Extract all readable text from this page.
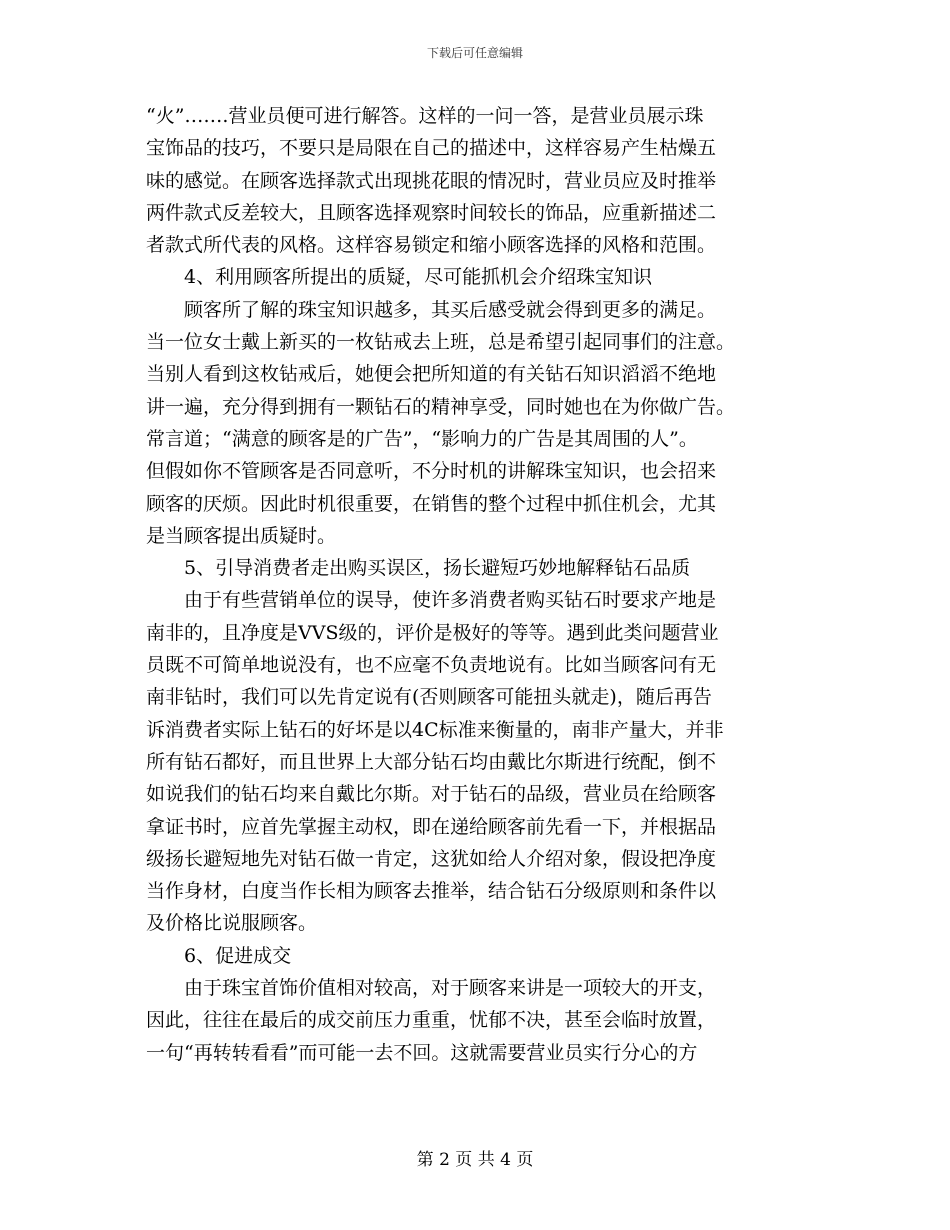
下载后可任意编辑
“火”…….营业员便可进行解答。这样的一问一答，是营业员展示珠
宝饰品的技巧，不要只是局限在自己的描述中，这样容易产生枯燥五
味的感觉。在顾客选择款式出现挑花眼的情况时，营业员应及时推举
两件款式反差较大，且顾客选择观察时间较长的饰品，应重新描述二
者款式所代表的风格。这样容易锁定和缩小顾客选择的风格和范围。
4、利用顾客所提出的质疑，尽可能抓机会介绍珠宝知识
顾客所了解的珠宝知识越多，其买后感受就会得到更多的满足。
当一位女士戴上新买的一枚钻戒去上班，总是希望引起同事们的注意。
当别人看到这枚钻戒后，她便会把所知道的有关钻石知识滔滔不绝地
讲一遍，充分得到拥有一颗钻石的精神享受，同时她也在为你做广告。
常言道；“满意的顾客是的广告”，“影响力的广告是其周围的人”。
但假如你不管顾客是否同意听，不分时机的讲解珠宝知识，也会招来
顾客的厌烦。因此时机很重要，在销售的整个过程中抓住机会，尤其
是当顾客提出质疑时。
5、引导消费者走出购买误区，扬长避短巧妙地解释钻石品质
由于有些营销单位的误导，使许多消费者购买钻石时要求产地是
南非的，且净度是VVS级的，评价是极好的等等。遇到此类问题营业
员既不可简单地说没有，也不应毫不负责地说有。比如当顾客问有无
南非钻时，我们可以先肯定说有(否则顾客可能扭头就走)，随后再告
诉消费者实际上钻石的好坏是以4C标准来衡量的，南非产量大，并非
所有钻石都好，而且世界上大部分钻石均由戴比尔斯进行统配，倒不
如说我们的钻石均来自戴比尔斯。对于钻石的品级，营业员在给顾客
拿证书时，应首先掌握主动权，即在递给顾客前先看一下，并根据品
级扬长避短地先对钻石做一肯定，这犹如给人介绍对象，假设把净度
当作身材，白度当作长相为顾客去推举，结合钻石分级原则和条件以
及价格比说服顾客。
6、促进成交
由于珠宝首饰价值相对较高，对于顾客来讲是一项较大的开支，
因此，往往在最后的成交前压力重重，忧郁不决，甚至会临时放置，
一句“再转转看看”而可能一去不回。这就需要营业员实行分心的方
第 2 页 共 4 页
